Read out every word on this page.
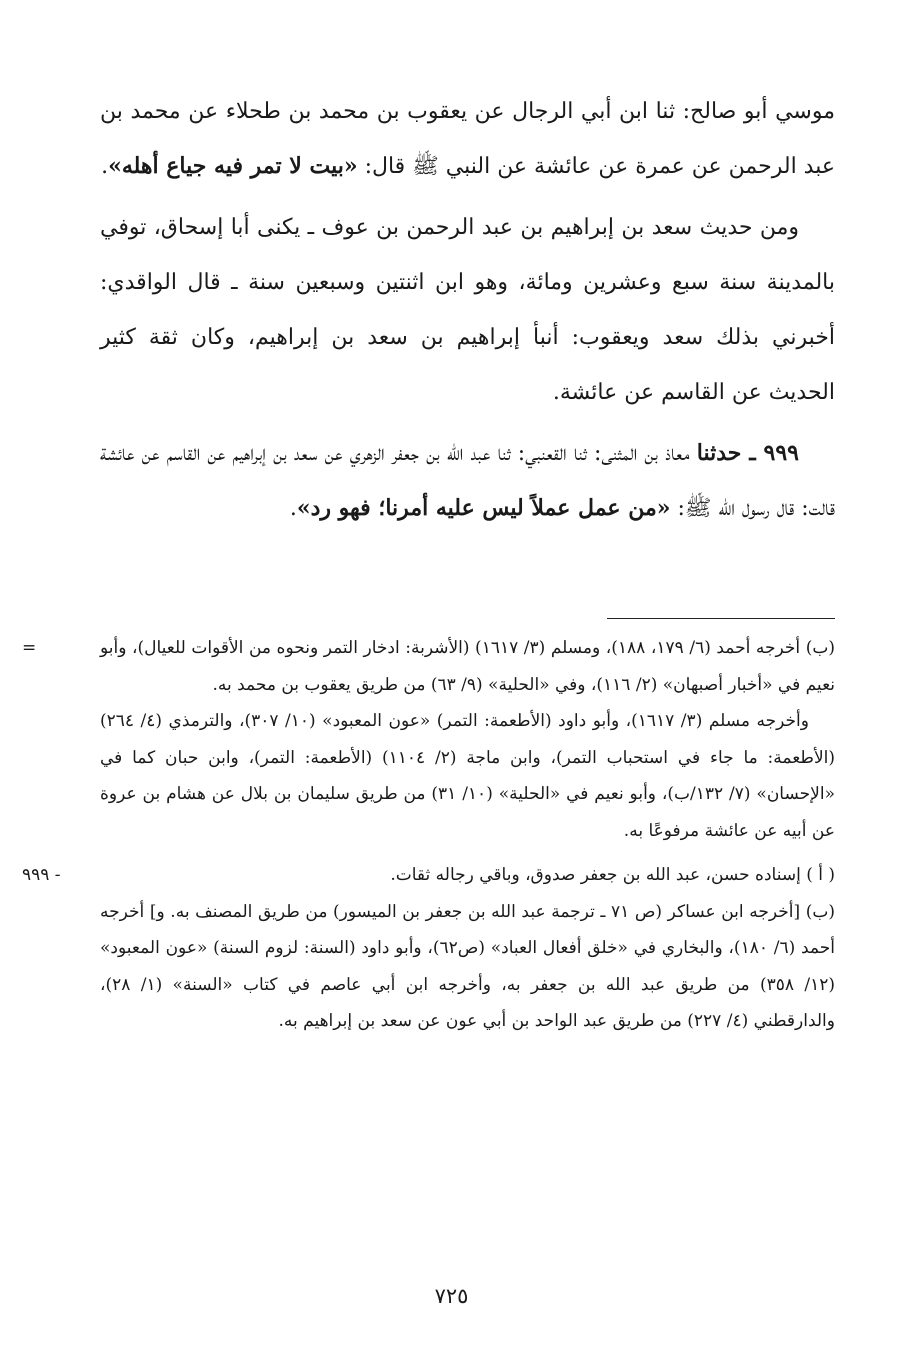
موسي أبو صالح: ثنا ابن أبي الرجال عن يعقوب بن محمد بن طحلاء عن محمد بن عبد الرحمن عن عمرة عن عائشة عن النبي ﷺ قال: «بيت لا تمر فيه جياع أهله».

ومن حديث سعد بن إبراهيم بن عبد الرحمن بن عوف ـ يكنى أبا إسحاق، توفي بالمدينة سنة سبع وعشرين ومائة، وهو ابن اثنتين وسبعين سنة ـ قال الواقدي: أخبرني بذلك سعد ويعقوب: أنبأ إبراهيم بن سعد بن إبراهيم، وكان ثقة كثير الحديث عن القاسم عن عائشة.

٩٩٩ ـ حدثنا معاذ بن المثنى: ثنا القعنبي: ثنا عبد الله بن جعفر الزهري عن سعد بن إبراهيم عن القاسم عن عائشة قالت: قال رسول الله ﷺ: «من عمل عملاً ليس عليه أمرنا؛ فهو رد».

=	(ب) أخرجه أحمد (٦/ ١٧٩، ١٨٨)، ومسلم (٣/ ١٦١٧) (الأشربة: ادخار التمر ونحوه من الأقوات للعيال)، وأبو نعيم في «أخبار أصبهان» (٢/ ١١٦)، وفي «الحلية» (٩/ ٦٣) من طريق يعقوب بن محمد به.

وأخرجه مسلم (٣/ ١٦١٧)، وأبو داود (الأطعمة: التمر) «عون المعبود» (١٠/ ٣٠٧)، والترمذي (٤/ ٢٦٤) (الأطعمة: ما جاء في استحباب التمر)، وابن ماجة (٢/ ١١٠٤) (الأطعمة: التمر)، وابن حبان كما في «الإحسان» (٧/ ١٣٢/ب)، وأبو نعيم في «الحلية» (١٠/ ٣١) من طريق سليمان بن بلال عن هشام بن عروة عن أبيه عن عائشة مرفوعًا به.

٩٩٩ -	( أ ) إسناده حسن، عبد الله بن جعفر صدوق، وباقي رجاله ثقات.

(ب) [أخرجه ابن عساكر (ص ٧١ ـ ترجمة عبد الله بن جعفر بن الميسور) من طريق المصنف به. و] أخرجه أحمد (٦/ ١٨٠)، والبخاري في «خلق أفعال العباد» (ص٦٢)، وأبو داود (السنة: لزوم السنة) «عون المعبود» (١٢/ ٣٥٨) من طريق عبد الله بن جعفر به، وأخرجه ابن أبي عاصم في كتاب «السنة» (١/ ٢٨)، والدارقطني (٤/ ٢٢٧) من طريق عبد الواحد بن أبي عون عن سعد بن إبراهيم به.

٧٢٥
